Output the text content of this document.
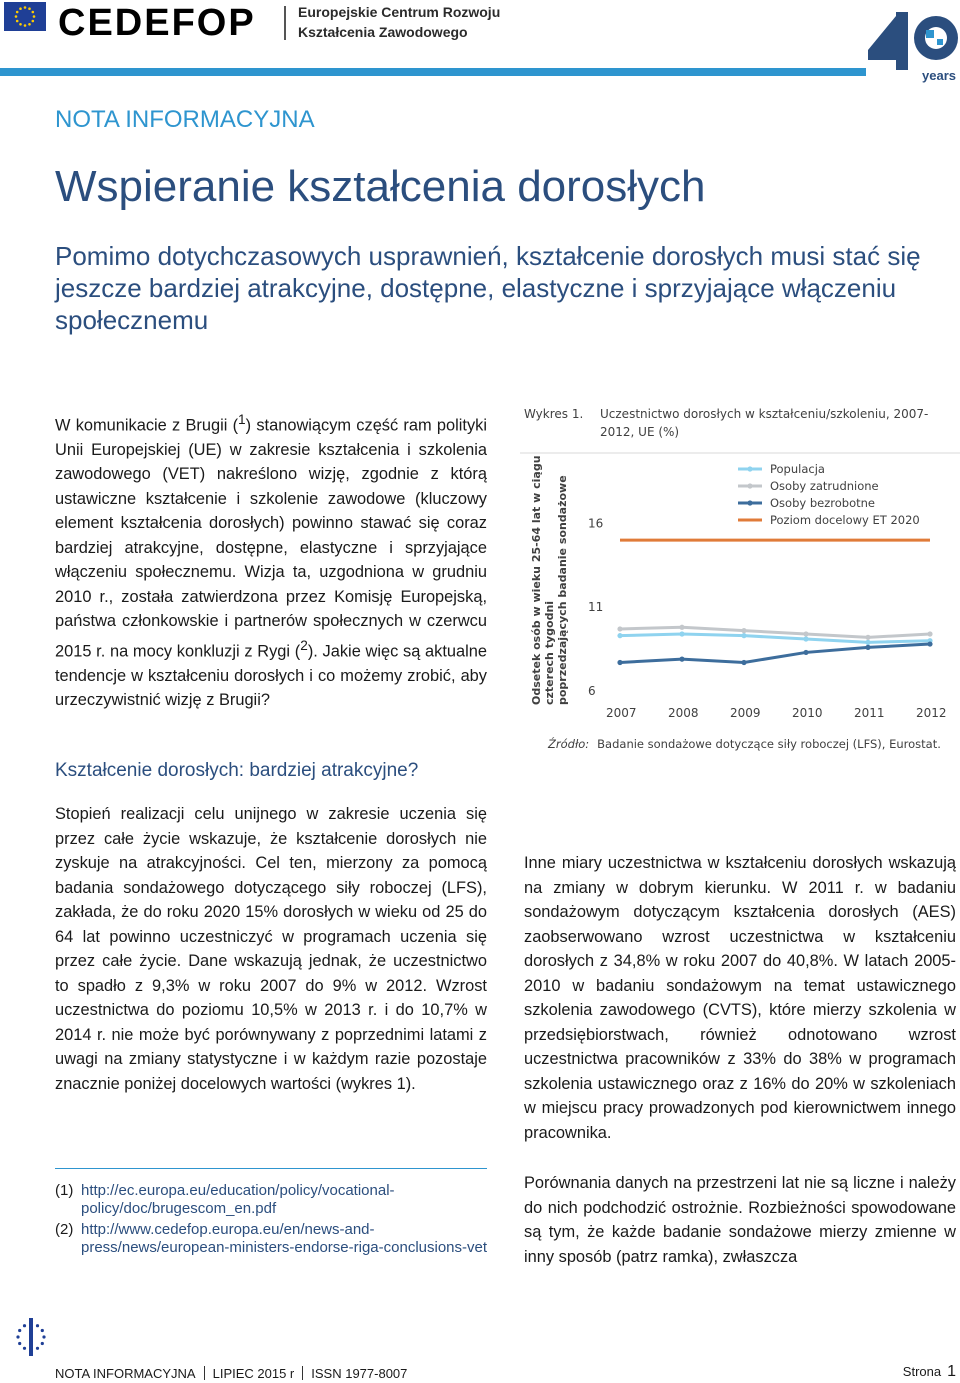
CEDEFOP	Europejskie Centrum Rozwoju
Kształcenia Zawodowego
years
NOTA INFORMACYJNA
Wspieranie kształcenia dorosłych
Pomimo dotychczasowych usprawnień, kształcenie dorosłych musi stać się jeszcze bardziej atrakcyjne, dostępne, elastyczne i sprzyjające włączeniu społecznemu

W komunikacie z Brugii ($^1$) stanowiącym część ram polityki Unii Europejskiej (UE) w zakresie kształcenia i szkolenia zawodowego (VET) nakreślono wizję, zgodnie z którą ustawiczne kształcenie i szkolenie zawodowe (kluczowy element kształcenia dorosłych) powinno stawać się coraz bardziej atrakcyjne, dostępne, elastyczne i sprzyjające włączeniu społecznemu. Wizja ta, uzgodniona w grudniu 2010 r., została zatwierdzona przez Komisję Europejską, państwa członkowskie i partnerów społecznych w czerwcu 2015 r. na mocy konkluzji z Rygi ($^2$). Jakie więc są aktualne tendencje w kształceniu dorosłych i co możemy zrobić, aby urzeczywistnić wizję z Brugii?

Kształcenie dorosłych: bardziej atrakcyjne?

Stopień realizacji celu unijnego w zakresie uczenia się przez całe życie wskazuje, że kształcenie dorosłych nie zyskuje na atrakcyjności. Cel ten, mierzony za pomocą badania sondażowego dotyczącego siły roboczej (LFS), zakłada, że do roku 2020 15% dorosłych w wieku od 25 do 64 lat powinno uczestniczyć w programach uczenia się przez całe życie. Dane wskazują jednak, że uczestnictwo to spadło z 9,3% w roku 2007 do 9% w 2012. Wzrost uczestnictwa do poziomu 10,5% w 2013 r. i do 10,7% w 2014 r. nie może być porównywany z poprzednimi latami z uwagi na zmiany statystyczne i w każdym razie pozostaje znacznie poniżej docelowych wartości (wykres 1).

Inne miary uczestnictwa w kształceniu dorosłych wskazują na zmiany w dobrym kierunku. W 2011 r. w badaniu sondażowym dotyczącym kształcenia dorosłych (AES) zaobserwowano wzrost uczestnictwa w kształceniu dorosłych z 34,8% w roku 2007 do 40,8%. W latach 2005-2010 w badaniu sondażowym na temat ustawicznego szkolenia zawodowego (CVTS), które mierzy szkolenia w przedsiębiorstwach, również odnotowano wzrost uczestnictwa pracowników z 33% do 38% w programach szkolenia ustawicznego oraz z 16% do 20% w szkoleniach w miejscu pracy prowadzonych pod kierownictwem innego pracownika.

Porównania danych na przestrzeni lat nie są liczne i należy do nich podchodzić ostrożnie. Rozbieżności spowodowane są tym, że każde badanie sondażowe mierzy zmienne w inny sposób (patrz ramka), zwłaszcza

Wykres 1. Uczestnictwo dorosłych w kształceniu/szkoleniu, 2007-2012, UE (%)
Odsetek osób w wieku 25-64 lat w ciąguczterech tygodnipoprzedzających badanie sondażowe 6
11
16
2007	2008	2009	2010	2011	2012
Populacja
Osoby zatrudnione
Osoby bezrobotne
Poziom docelowy ET 2020
Źródło: Badanie sondażowe dotyczące siły roboczej (LFS), Eurostat.
(1) http://ec.europa.eu/education/policy/vocational-policy/doc/brugescom_en.pdf
(2) http://www.cedefop.europa.eu/en/news-and-press/news/european-ministers-endorse-riga-conclusions-vet
NOTA INFORMACYJNA LIPIEC 2015 r ISSN 1977-8007	Strona 1
